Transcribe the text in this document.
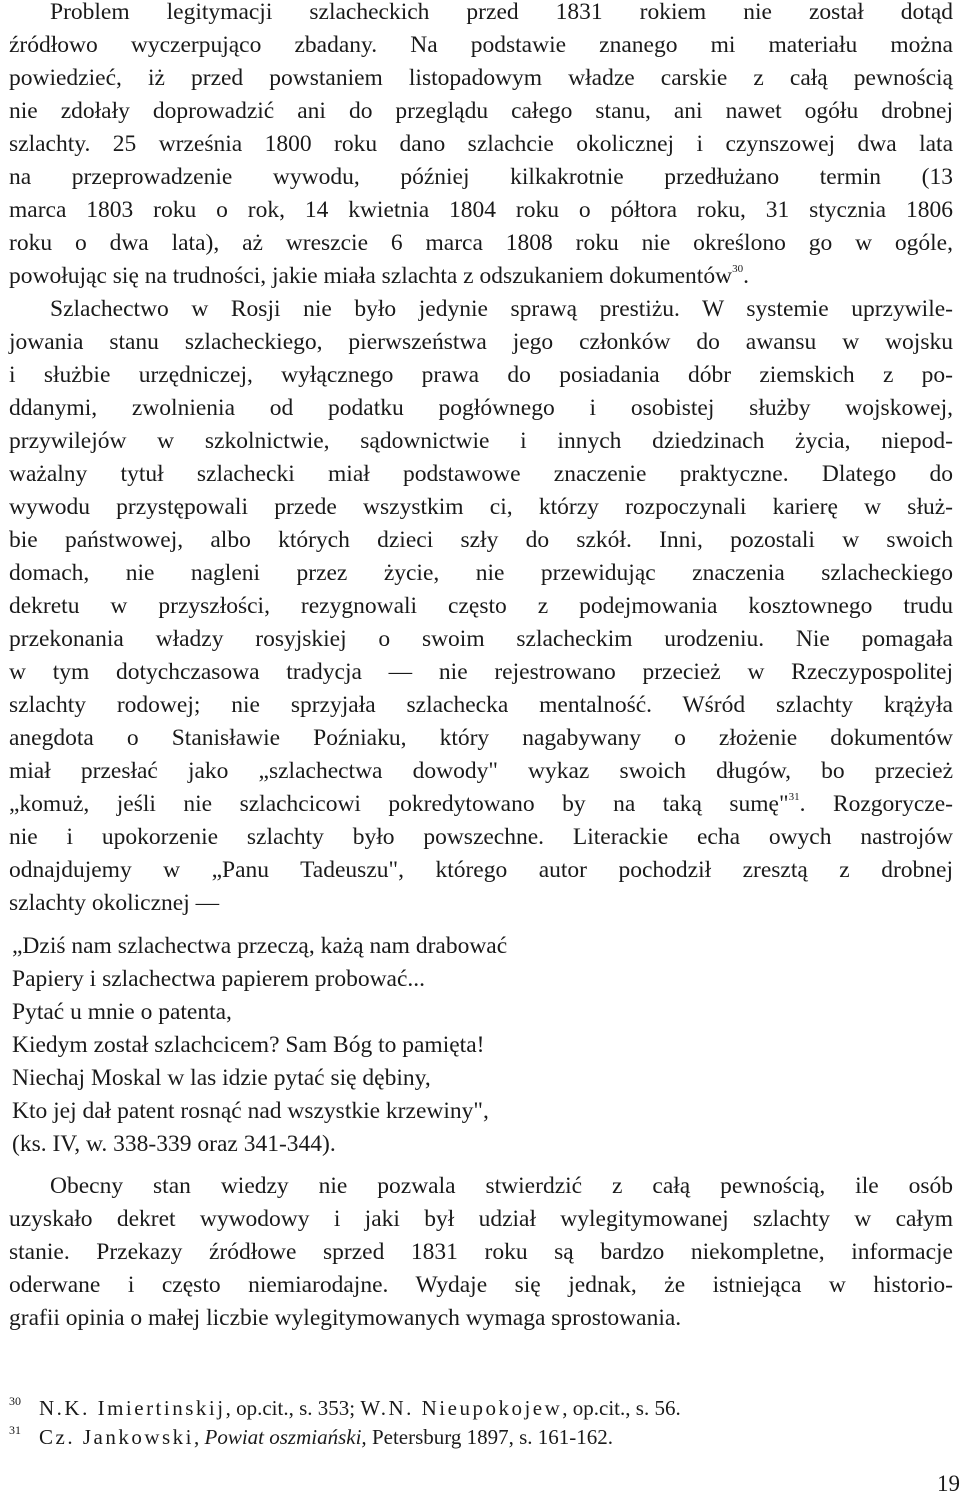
Problem legitymacji szlacheckich przed 1831 rokiem nie został dotąd

źródłowo wyczerpująco zbadany. Na podstawie znanego mi materiału można

powiedzieć, iż przed powstaniem listopadowym władze carskie z całą pewnością

nie zdołały doprowadzić ani do przeglądu całego stanu, ani nawet ogółu drobnej

szlachty. 25 września 1800 roku dano szlachcie okolicznej i czynszowej dwa lata

na przeprowadzenie wywodu, później kilkakrotnie przedłużano termin (13

marca 1803 roku o rok, 14 kwietnia 1804 roku o półtora roku, 31 stycznia 1806

roku o dwa lata), aż wreszcie 6 marca 1808 roku nie określono go w ogóle,

powołując się na trudności, jakie miała szlachta z odszukaniem dokumentów$^{30}$.

Szlachectwo w Rosji nie było jedynie sprawą prestiżu. W systemie uprzywile-

jowania stanu szlacheckiego, pierwszeństwa jego członków do awansu w wojsku

i służbie urzędniczej, wyłącznego prawa do posiadania dóbr ziemskich z po-

ddanymi, zwolnienia od podatku pogłównego i osobistej służby wojskowej,

przywilejów w szkolnictwie, sądownictwie i innych dziedzinach życia, niepod-

ważalny tytuł szlachecki miał podstawowe znaczenie praktyczne. Dlatego do

wywodu przystępowali przede wszystkim ci, którzy rozpoczynali karierę w służ-

bie państwowej, albo których dzieci szły do szkół. Inni, pozostali w swoich

domach, nie nagleni przez życie, nie przewidując znaczenia szlacheckiego

dekretu w przyszłości, rezygnowali często z podejmowania kosztownego trudu

przekonania władzy rosyjskiej o swoim szlacheckim urodzeniu. Nie pomagała

w tym dotychczasowa tradycja — nie rejestrowano przecież w Rzeczypospolitej

szlachty rodowej; nie sprzyjała szlachecka mentalność. Wśród szlachty krążyła

anegdota o Stanisławie Poźniaku, który nagabywany o złożenie dokumentów

miał przesłać jako „szlachectwa dowody" wykaz swoich długów, bo przecież

„komuż, jeśli nie szlachcicowi pokredytowano by na taką sumę"$^{31}$. Rozgorycze-

nie i upokorzenie szlachty było powszechne. Literackie echa owych nastrojów

odnajdujemy w „Panu Tadeuszu", którego autor pochodził zresztą z drobnej

szlachty okolicznej —

„Dziś nam szlachectwa przeczą, każą nam drabować

Papiery i szlachectwa papierem probować...

Pytać u mnie o patenta,

Kiedym został szlachcicem? Sam Bóg to pamięta!

Niechaj Moskal w las idzie pytać się dębiny,

Kto jej dał patent rosnąć nad wszystkie krzewiny",

(ks. IV, w. 338-339 oraz 341-344).

Obecny stan wiedzy nie pozwala stwierdzić z całą pewnością, ile osób

uzyskało dekret wywodowy i jaki był udział wylegitymowanej szlachty w całym

stanie. Przekazy źródłowe sprzed 1831 roku są bardzo niekompletne, informacje

oderwane i często niemiarodajne. Wydaje się jednak, że istniejąca w historio-

grafii opinia o małej liczbie wylegitymowanych wymaga sprostowania.

30 N.K. Imiertinskij, op.cit., s. 353; W.N. Nieupokojew, op.cit., s. 56.

31 Cz. Jankowski, Powiat oszmiański, Petersburg 1897, s. 161-162.

19
